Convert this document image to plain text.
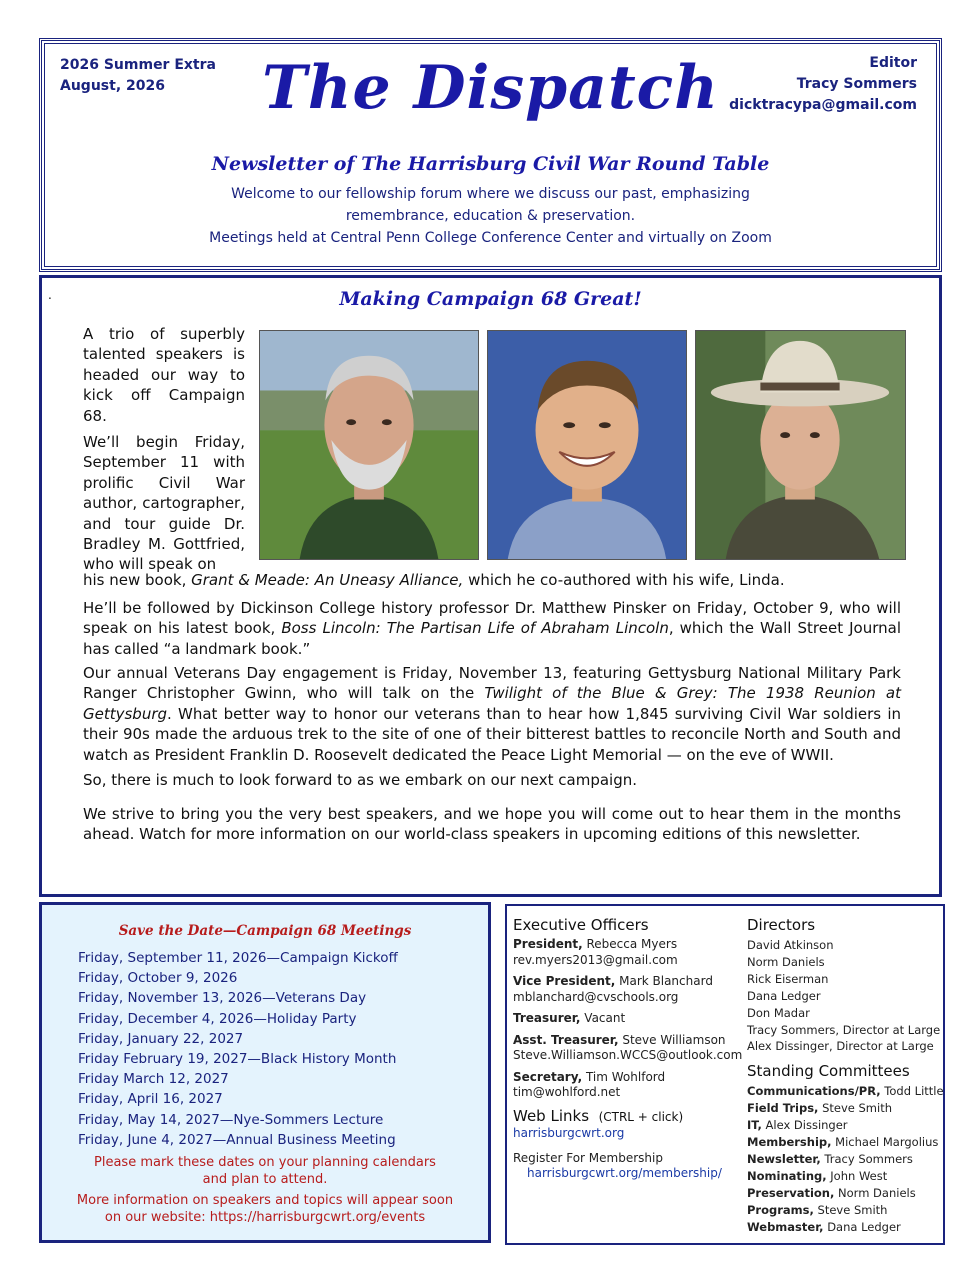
2026 Summer Extra
August, 2026	The Dispatch	Editor
Tracy Sommers
dicktracypa@gmail.com
Newsletter of The Harrisburg Civil War Round Table
Welcome to our fellowship forum where we discuss our past, emphasizing
remembrance, education & preservation.
Meetings held at Central Penn College Conference Center and virtually on Zoom
.	Making Campaign 68 Great!

A trio of superbly talented speakers is headed our way to kick off Campaign 68.

We’ll begin Friday, September 11 with prolific Civil War author, cartographer, and tour guide Dr. Bradley M. Gottfried, who will speak on

his new book, Grant & Meade: An Uneasy Alliance, which he co-authored with his wife, Linda.

He’ll be followed by Dickinson College history professor Dr. Matthew Pinsker on Friday, October 9, who will speak on his latest book, Boss Lincoln: The Partisan Life of Abraham Lincoln, which the Wall Street Journal has called “a landmark book.”

Our annual Veterans Day engagement is Friday, November 13, featuring Gettysburg National Military Park Ranger Christopher Gwinn, who will talk on the Twilight of the Blue & Grey: The 1938 Reunion at Gettysburg. What better way to honor our veterans than to hear how 1,845 surviving Civil War soldiers in their 90s made the arduous trek to the site of one of their bitterest battles to reconcile North and South and watch as President Franklin D. Roosevelt dedicated the Peace Light Memorial — on the eve of WWII.

So, there is much to look forward to as we embark on our next campaign.

We strive to bring you the very best speakers, and we hope you will come out to hear them in the months ahead. Watch for more information on our world-class speakers in upcoming editions of this newsletter.

Save the Date—Campaign 68 Meetings
Friday, September 11, 2026—Campaign Kickoff
Friday, October 9, 2026
Friday, November 13, 2026—Veterans Day
Friday, December 4, 2026—Holiday Party
Friday, January 22, 2027
Friday February 19, 2027—Black History Month
Friday March 12, 2027
Friday, April 16, 2027
Friday, May 14, 2027—Nye-Sommers Lecture
Friday, June 4, 2027—Annual Business Meeting
Please mark these dates on your planning calendars
and plan to attend.
More information on speakers and topics will appear soon
on our website: https://harrisburgcwrt.org/events
Executive Officers
President, Rebecca Myers
rev.myers2013@gmail.com
Vice President, Mark Blanchard
mblanchard@cvschools.org
Treasurer, Vacant
Asst. Treasurer, Steve Williamson
Steve.Williamson.WCCS@outlook.com
Secretary, Tim Wohlford
tim@wohlford.net
Web Links (CTRL + click)
harrisburgcwrt.org
Register For Membership
harrisburgcwrt.org/membership/
Directors
David Atkinson
Norm Daniels
Rick Eiserman
Dana Ledger
Don Madar
Tracy Sommers, Director at Large
Alex Dissinger, Director at Large
Standing Committees
Communications/PR, Todd Little
Field Trips, Steve Smith
IT, Alex Dissinger
Membership, Michael Margolius
Newsletter, Tracy Sommers
Nominating, John West
Preservation, Norm Daniels
Programs, Steve Smith
Webmaster, Dana Ledger
